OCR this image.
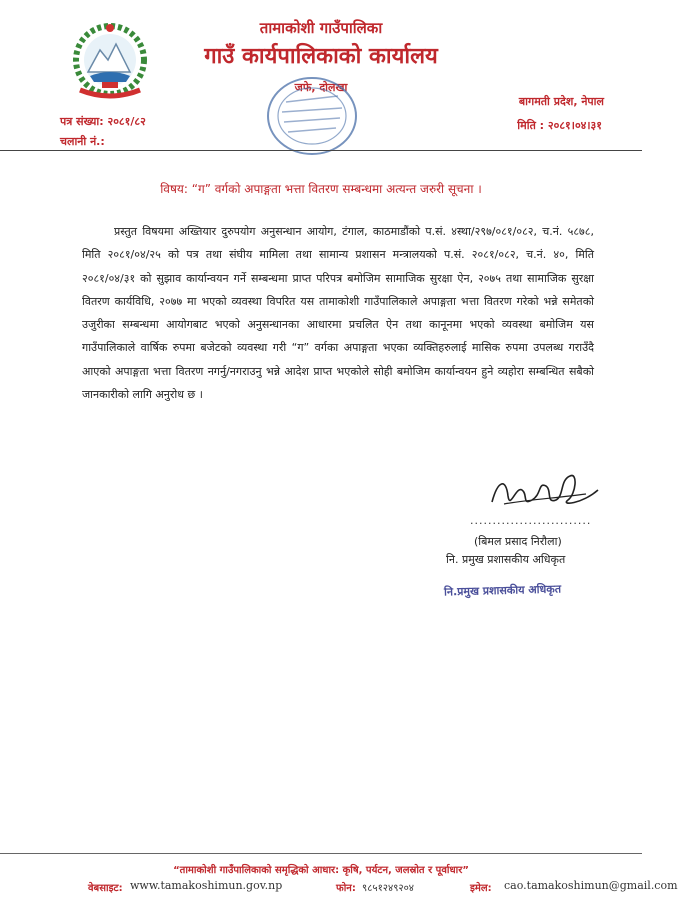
तामाकोशी गाउँपालिका
गाउँ कार्यपालिकाको कार्यालय
जफे, दोलखा
पत्र संख्या: २०८१/८२
चलानी नं.:
बागमती प्रदेश, नेपाल
मिति : २०८१।०४।३१
विषय: “ग” वर्गको अपाङ्गता भत्ता वितरण सम्बन्धमा अत्यन्त जरुरी सूचना ।
प्रस्तुत विषयमा अख्तियार दुरुपयोग अनुसन्धान आयोग, टंगाल, काठमाडौंको प.सं. ४स्था/२९७/०८१/०८२, च.नं. ५८७८, मिति २०८१/०४/२५ को पत्र तथा संघीय मामिला तथा सामान्य प्रशासन मन्त्रालयको प.सं. २०८१/०८२, च.नं. ४०, मिति २०८१/०४/३१ को सुझाव कार्यान्वयन गर्ने सम्बन्धमा प्राप्त परिपत्र बमोजिम सामाजिक सुरक्षा ऐन, २०७५ तथा सामाजिक सुरक्षा वितरण कार्यविधि, २०७७ मा भएको व्यवस्था विपरित यस तामाकोशी गाउँपालिकाले अपाङ्गता भत्ता वितरण गरेको भन्ने समेतको उजुरीका सम्बन्धमा आयोगबाट भएको अनुसन्धानका आधारमा प्रचलित ऐन तथा कानूनमा भएको व्यवस्था बमोजिम यस गाउँपालिकाले वार्षिक रुपमा बजेटको व्यवस्था गरी “ग” वर्गका अपाङ्गता भएका व्यक्तिहरुलाई मासिक रुपमा उपलब्ध गराउँदै आएको अपाङ्गता भत्ता वितरण नगर्नु/नगराउनु भन्ने आदेश प्राप्त भएकोले सोही बमोजिम कार्यान्वयन हुने व्यहोरा सम्बन्धित सबैको जानकारीको लागि अनुरोध छ ।
...........................
(बिमल प्रसाद निरौला)
नि. प्रमुख प्रशासकीय अधिकृत
नि.प्रमुख प्रशासकीय अधिकृत
“तामाकोशी गाउँपालिकाको समृद्धिको आधार: कृषि, पर्यटन, जलस्रोत र पूर्वाधार”
वेबसाइट: www.tamakoshimun.gov.np	फोन: ९८५१२४९२०४	इमेल: cao.tamakoshimun@gmail.com
